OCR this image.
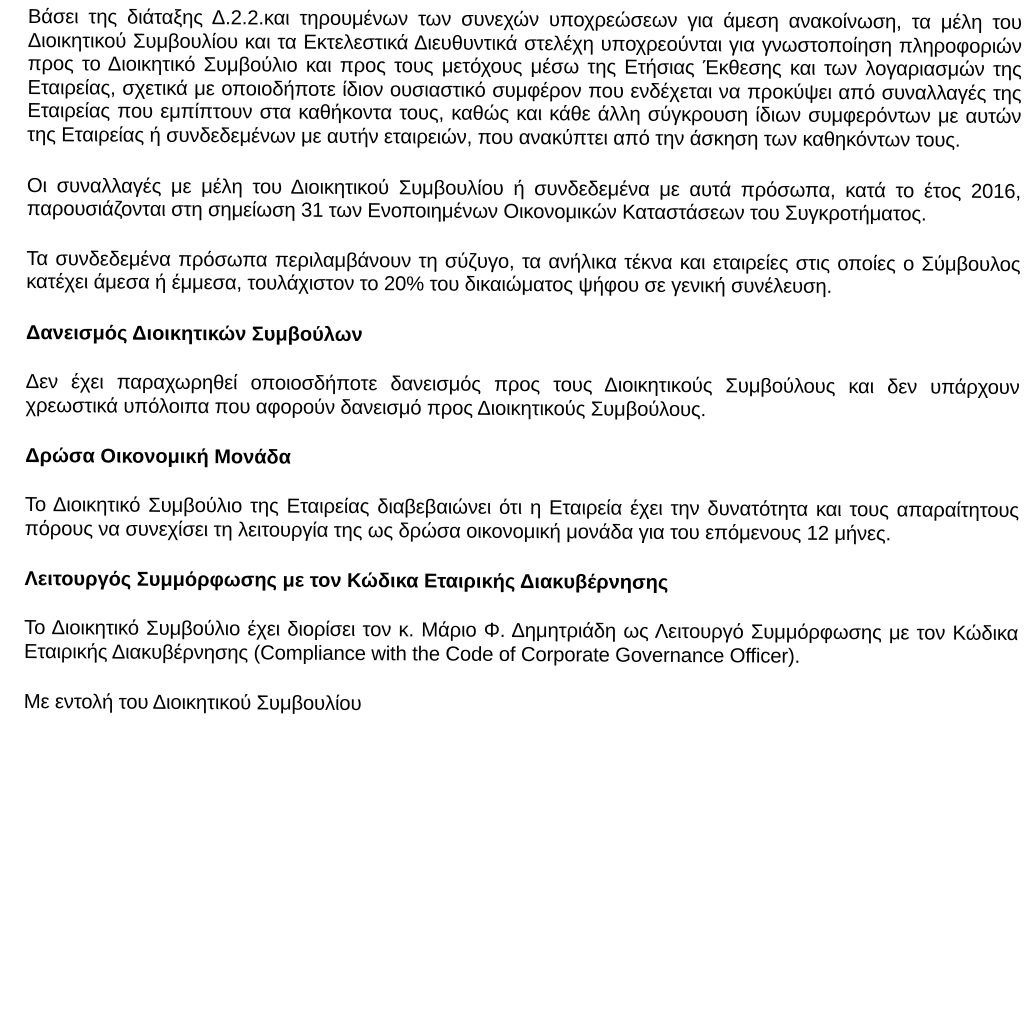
Βάσει της διάταξης Δ.2.2.και τηρουμένων των συνεχών υποχρεώσεων για άμεση ανακοίνωση, τα μέλη του Διοικητικού Συμβουλίου και τα Εκτελεστικά Διευθυντικά στελέχη υποχρεούνται για γνωστοποίηση πληροφοριών προς το Διοικητικό Συμβούλιο και προς τους μετόχους μέσω της Ετήσιας Έκθεσης και των λογαριασμών της Εταιρείας, σχετικά με οποιοδήποτε ίδιον ουσιαστικό συμφέρον που ενδέχεται να προκύψει από συναλλαγές της Εταιρείας που εμπίπτουν στα καθήκοντα τους, καθώς και κάθε άλλη σύγκρουση ίδιων συμφερόντων με αυτών της Εταιρείας ή συνδεδεμένων με αυτήν εταιρειών, που ανακύπτει από την άσκηση των καθηκόντων τους.

Οι συναλλαγές με μέλη του Διοικητικού Συμβουλίου ή συνδεδεμένα με αυτά πρόσωπα, κατά το έτος 2016, παρουσιάζονται στη σημείωση 31 των Ενοποιημένων Οικονομικών Καταστάσεων του Συγκροτήματος.

Τα συνδεδεμένα πρόσωπα περιλαμβάνουν τη σύζυγο, τα ανήλικα τέκνα και εταιρείες στις οποίες ο Σύμβουλος κατέχει άμεσα ή έμμεσα, τουλάχιστον το 20% του δικαιώματος ψήφου σε γενική συνέλευση.

Δανεισμός Διοικητικών Συμβούλων

Δεν έχει παραχωρηθεί οποιοσδήποτε δανεισμός προς τους Διοικητικούς Συμβούλους και δεν υπάρχουν χρεωστικά υπόλοιπα που αφορούν δανεισμό προς Διοικητικούς Συμβούλους.

Δρώσα Οικονομική Μονάδα

Το Διοικητικό Συμβούλιο της Εταιρείας διαβεβαιώνει ότι η Εταιρεία έχει την δυνατότητα και τους απαραίτητους πόρους να συνεχίσει τη λειτουργία της ως δρώσα οικονομική μονάδα για του επόμενους 12 μήνες.

Λειτουργός Συμμόρφωσης με τον Κώδικα Εταιρικής Διακυβέρνησης

Το Διοικητικό Συμβούλιο έχει διορίσει τον κ. Μάριο Φ. Δημητριάδη ως Λειτουργό Συμμόρφωσης με τον Κώδικα Εταιρικής Διακυβέρνησης (Compliance with the Code of Corporate Governance Officer).

Με εντολή του Διοικητικού Συμβουλίου
